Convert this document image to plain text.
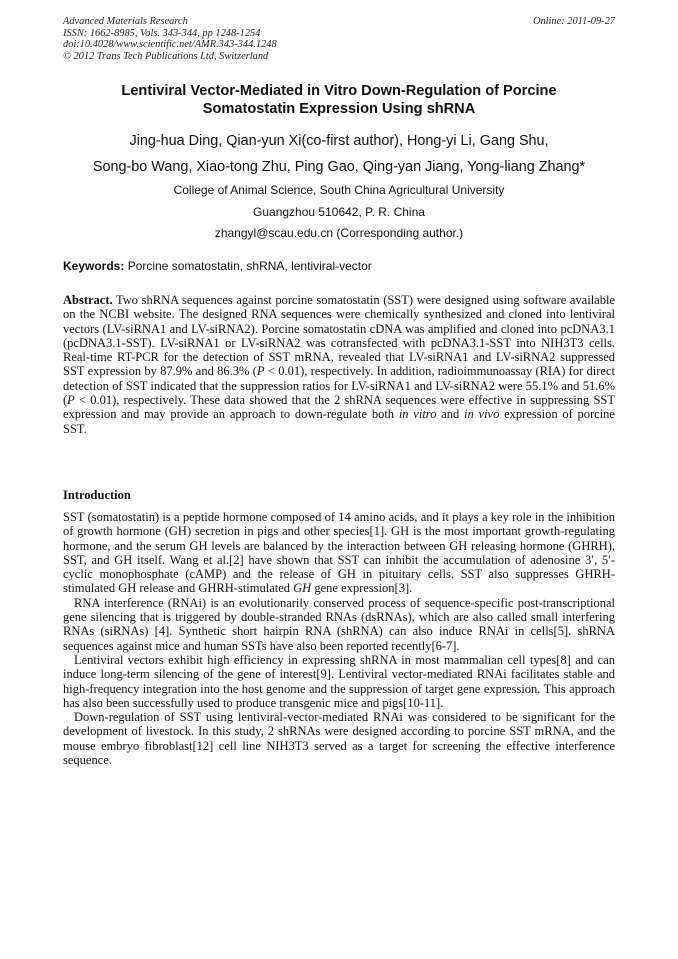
Advanced Materials Research
ISSN: 1662-8985, Vols. 343-344, pp 1248-1254
doi:10.4028/www.scientific.net/AMR.343-344.1248
© 2012 Trans Tech Publications Ltd, Switzerland
Online: 2011-09-27
Lentiviral Vector-Mediated in Vitro Down-Regulation of Porcine
Somatostatin Expression Using shRNA
Jing-hua Ding, Qian-yun Xi(co-first author), Hong-yi Li, Gang Shu,
Song-bo Wang, Xiao-tong Zhu, Ping Gao, Qing-yan Jiang, Yong-liang Zhang*
College of Animal Science, South China Agricultural University
Guangzhou 510642, P. R. China
zhangyl@scau.edu.cn (Corresponding author.)
Keywords: Porcine somatostatin, shRNA, lentiviral-vector
Abstract. Two shRNA sequences against porcine somatostatin (SST) were designed using software available on the NCBI website. The designed RNA sequences were chemically synthesized and cloned into lentiviral vectors (LV-siRNA1 and LV-siRNA2). Porcine somatostatin cDNA was amplified and cloned into pcDNA3.1 (pcDNA3.1-SST). LV-siRNA1 or LV-siRNA2 was cotransfected with pcDNA3.1-SST into NIH3T3 cells. Real-time RT-PCR for the detection of SST mRNA, revealed that LV-siRNA1 and LV-siRNA2 suppressed SST expression by 87.9% and 86.3% (P < 0.01), respectively. In addition, radioimmunoassay (RIA) for direct detection of SST indicated that the suppression ratios for LV-siRNA1 and LV-siRNA2 were 55.1% and 51.6% (P < 0.01), respectively. These data showed that the 2 shRNA sequences were effective in suppressing SST expression and may provide an approach to down-regulate both in vitro and in vivo expression of porcine SST.
Introduction

SST (somatostatin) is a peptide hormone composed of 14 amino acids, and it plays a key role in the inhibition of growth hormone (GH) secretion in pigs and other species[1]. GH is the most important growth-regulating hormone, and the serum GH levels are balanced by the interaction between GH releasing hormone (GHRH), SST, and GH itself. Wang et al.[2] have shown that SST can inhibit the accumulation of adenosine 3′, 5′-cyclic monophosphate (cAMP) and the release of GH in pituitary cells. SST also suppresses GHRH- stimulated GH release and GHRH-stimulated GH gene expression[3].

RNA interference (RNAi) is an evolutionarily conserved process of sequence-specific post-transcriptional gene silencing that is triggered by double-stranded RNAs (dsRNAs), which are also called small interfering RNAs (siRNAs) [4]. Synthetic short hairpin RNA (shRNA) can also induce RNAi in cells[5]. shRNA sequences against mice and human SSTs have also been reported recently[6-7].

Lentiviral vectors exhibit high efficiency in expressing shRNA in most mammalian cell types[8] and can induce long-term silencing of the gene of interest[9]. Lentiviral vector-mediated RNAi facilitates stable and high-frequency integration into the host genome and the suppression of target gene expression. This approach has also been successfully used to produce transgenic mice and pigs[10-11].

Down-regulation of SST using lentiviral-vector-mediated RNAi was considered to be significant for the development of livestock. In this study, 2 shRNAs were designed according to porcine SST mRNA, and the mouse embryo fibroblast[12] cell line NIH3T3 served as a target for screening the effective interference sequence.
